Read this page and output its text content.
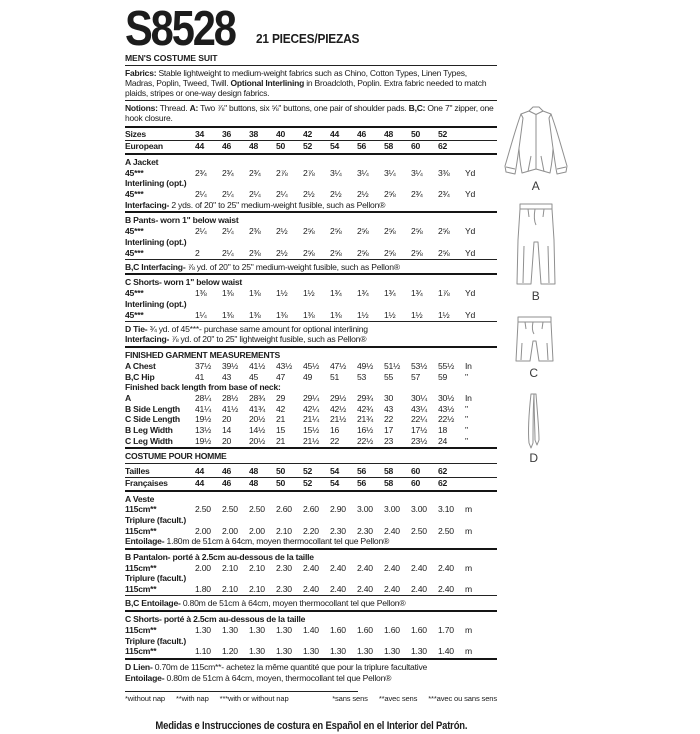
S8528 21 PIECES/PIEZAS
MEN'S COSTUME SUIT
Fabrics: Stable lightweight to medium-weight fabrics such as Chino, Cotton Types, Linen Types, Madras, Poplin, Tweed, Twill. Optional Interlining in Broadcloth, Poplin. Extra fabric needed to match plaids, stripes or one-way design fabrics.
Notions: Thread. A: Two ⅞" buttons, six ⅝" buttons, one pair of shoulder pads. B,C: One 7" zipper, one hook closure.
Sizes	34	36	38	40	42	44	46	48	50	52
European	44	46	48	50	52	54	56	58	60	62
A Jacket
45***	2¾	2¾	2¾	2⅞	2⅞	3¼	3¼	3¼	3¼	3⅜	Yd
Interlining (opt.)
45***	2¼	2¼	2¼	2¼	2½	2½	2½	2⅝	2¾	2¾	Yd
Interfacing- 2 yds. of 20" to 25" medium-weight fusible, such as Pellon®
B Pants- worn 1" below waist
45***	2¼	2¼	2⅜	2½	2⅝	2⅝	2⅝	2⅝	2⅝	2⅝	Yd
Interlining (opt.)
45***	2	2¼	2⅜	2½	2⅝	2⅝	2⅝	2⅝	2⅝	2⅝	Yd
B,C Interfacing- ⅞ yd. of 20" to 25" medium-weight fusible, such as Pellon®
C Shorts- worn 1" below waist
45***	1⅜	1⅜	1⅜	1½	1½	1¾	1¾	1¾	1¾	1⅞	Yd
Interlining (opt.)
45***	1¼	1⅜	1⅜	1⅜	1⅜	1⅜	1½	1½	1½	1½	Yd
D Tie- ¾ yd. of 45***- purchase same amount for optional interlining
Interfacing- ⅞ yd. of 20" to 25" lightweight fusible, such as Pellon®
FINISHED GARMENT MEASUREMENTS
A Chest	37½	39½	41½	43½	45½	47½	49½	51½	53½	55½	In
B,C Hip	41	43	45	47	49	51	53	55	57	59	"
Finished back length from base of neck:
A	28¼	28½	28¾	29	29¼	29½	29¾	30	30¼	30½	In
B Side Length	41¼	41½	41¾	42	42¼	42½	42¾	43	43¼	43½	"
C Side Length	19½	20	20½	21	21¼	21½	21¾	22	22¼	22½	"
B Leg Width	13½	14	14½	15	15½	16	16½	17	17½	18	"
C Leg Width	19½	20	20½	21	21½	22	22½	23	23½	24	"
COSTUME POUR HOMME
Tailles	44	46	48	50	52	54	56	58	60	62
Françaises	44	46	48	50	52	54	56	58	60	62
A Veste
115cm**	2.50	2.50	2.50	2.60	2.60	2.90	3.00	3.00	3.00	3.10	m
Triplure (facult.)
115cm**	2.00	2.00	2.00	2.10	2.20	2.30	2.30	2.40	2.50	2.50	m
Entoilage- 1.80m de 51cm à 64cm, moyen thermocollant tel que Pellon®
B Pantalon- porté à 2.5cm au-dessous de la taille
115cm**	2.00	2.10	2.10	2.30	2.40	2.40	2.40	2.40	2.40	2.40	m
Triplure (facult.)
115cm**	1.80	2.10	2.10	2.30	2.40	2.40	2.40	2.40	2.40	2.40	m
B,C Entoilage- 0.80m de 51cm à 64cm, moyen thermocollant tel que Pellon®
C Shorts- porté à 2.5cm au-dessous de la taille
115cm**	1.30	1.30	1.30	1.30	1.40	1.60	1.60	1.60	1.60	1.70	m
Triplure (facult.)
115cm**	1.10	1.20	1.30	1.30	1.30	1.30	1.30	1.30	1.30	1.40	m
D Lien- 0.70m de 115cm**- achetez la même quantité que pour la triplure facultative
Entoilage- 0.80m de 51cm à 64cm, moyen, thermocollant tel que Pellon®
*without nap **with nap ***with or without nap	*sans sens **avec sens ***avec ou sans sens
Medidas e Instrucciones de costura en Español en el Interior del Patrón.
A
B
C
D
